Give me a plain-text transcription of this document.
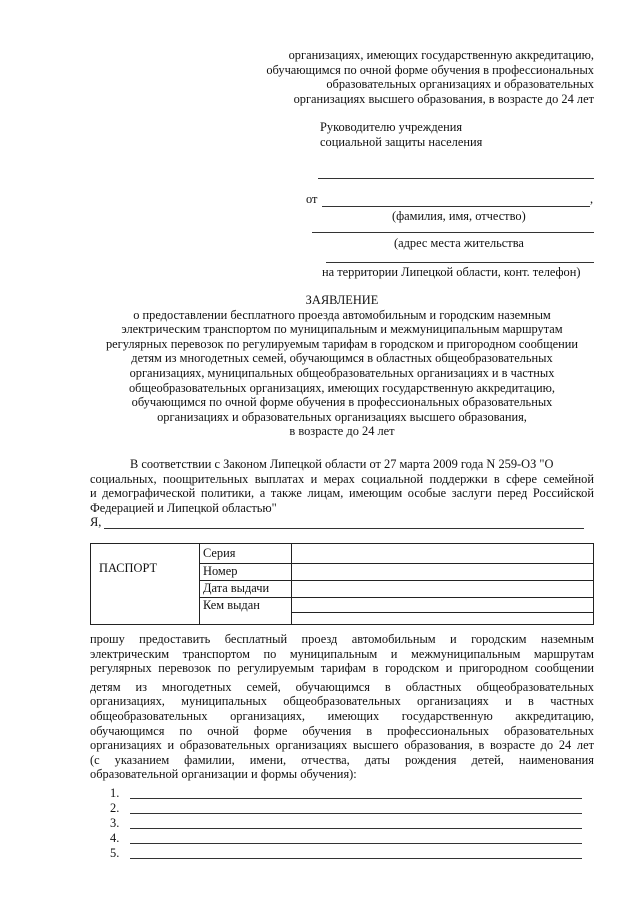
организациях, имеющих государственную аккредитацию,
обучающимся по очной форме обучения в профессиональных
образовательных организациях и образовательных
организациях высшего образования, в возрасте до 24 лет
Руководителю учреждения
социальной защиты населения
от	,
(фамилия, имя, отчество)
(адрес места жительства
на территории Липецкой области, конт. телефон)
ЗАЯВЛЕНИЕ
о предоставлении бесплатного проезда автомобильным и городским наземным
электрическим транспортом по муниципальным и межмуниципальным маршрутам
регулярных перевозок по регулируемым тарифам в городском и пригородном сообщении
детям из многодетных семей, обучающимся в областных общеобразовательных
организациях, муниципальных общеобразовательных организациях и в частных
общеобразовательных организациях, имеющих государственную аккредитацию,
обучающимся по очной форме обучения в профессиональных образовательных
организациях и образовательных организациях высшего образования,
в возрасте до 24 лет
В соответствии с Законом Липецкой области от 27 марта 2009 года N 259-ОЗ "О
социальных, поощрительных выплатах и мерах социальной поддержки в сфере семейной
и демографической политики, а также лицам, имеющим особые заслуги перед Российской
Федерацией и Липецкой областью"
Я,
ПАСПОРТ
Серия
Номер
Дата выдачи
Кем выдан
прошу предоставить бесплатный проезд автомобильным и городским наземным
электрическим транспортом по муниципальным и межмуниципальным маршрутам
регулярных перевозок по регулируемым тарифам в городском и пригородном сообщении
детям из многодетных семей, обучающимся в областных общеобразовательных
организациях, муниципальных общеобразовательных организациях и в частных
общеобразовательных организациях, имеющих государственную аккредитацию,
обучающимся по очной форме обучения в профессиональных образовательных
организациях и образовательных организациях высшего образования, в возрасте до 24 лет
(с указанием фамилии, имени, отчества, даты рождения детей, наименования
образовательной организации и формы обучения):
1.
2.
3.
4.
5.
